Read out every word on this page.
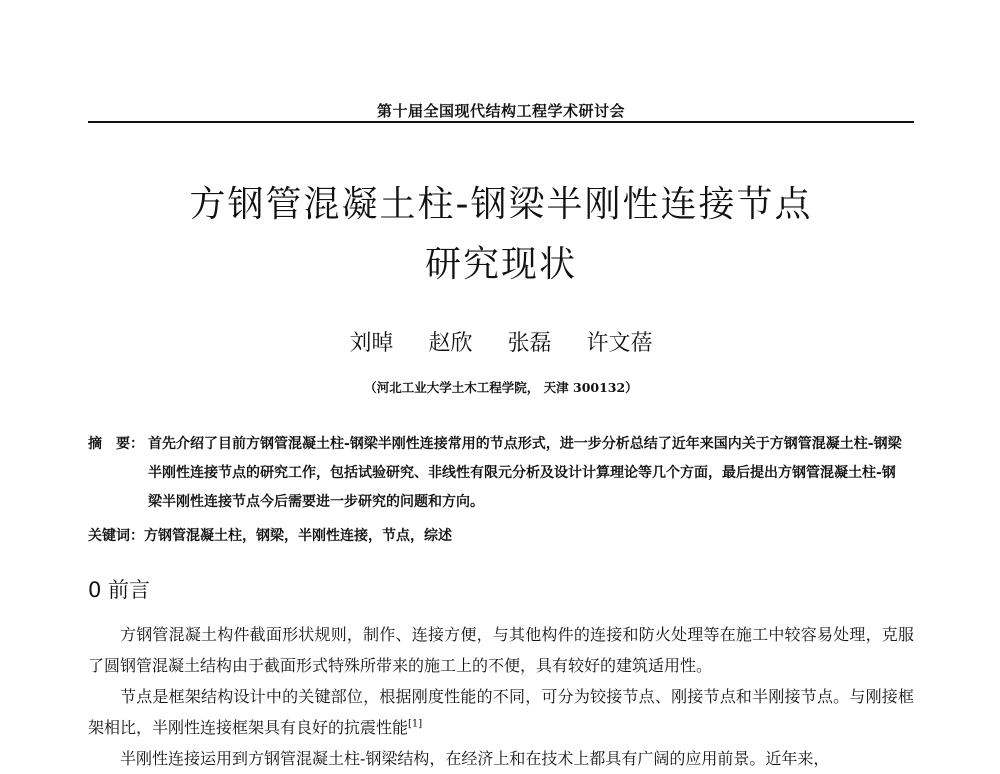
第十届全国现代结构工程学术研讨会
方钢管混凝土柱-钢梁半刚性连接节点
研究现状
刘晫 赵欣 张磊 许文蓓
（河北工业大学土木工程学院， 天津 300132）
摘　要： 首先介绍了目前方钢管混凝土柱-钢梁半刚性连接常用的节点形式，进一步分析总结了近年来国内关于方钢管混凝土柱-钢梁半刚性连接节点的研究工作，包括试验研究、非线性有限元分析及设计计算理论等几个方面，最后提出方钢管混凝土柱-钢梁半刚性连接节点今后需要进一步研究的问题和方向。
关键词：方钢管混凝土柱，钢梁，半刚性连接，节点，综述
0 前言
方钢管混凝土构件截面形状规则，制作、连接方便，与其他构件的连接和防火处理等在施工中较容易处理，克服了圆钢管混凝土结构由于截面形式特殊所带来的施工上的不便，具有较好的建筑适用性。
节点是框架结构设计中的关键部位，根据刚度性能的不同，可分为铰接节点、刚接节点和半刚接节点。与刚接框架相比，半刚性连接框架具有良好的抗震性能[1]
半刚性连接运用到方钢管混凝土柱-钢梁结构，在经济上和在技术上都具有广阔的应用前景。近年来，
